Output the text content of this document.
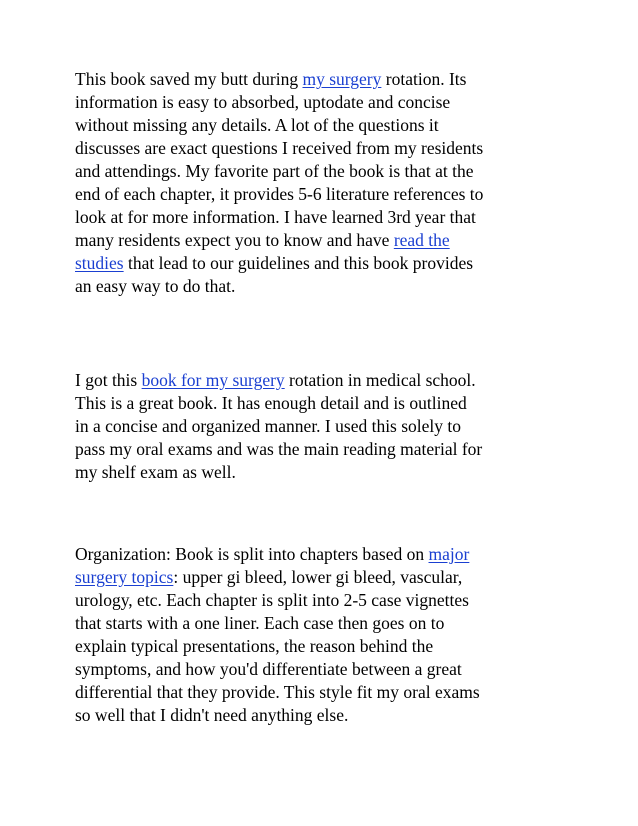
This book saved my butt during my surgery rotation. Its
information is easy to absorbed, uptodate and concise
without missing any details. A lot of the questions it
discusses are exact questions I received from my residents
and attendings. My favorite part of the book is that at the
end of each chapter, it provides 5-6 literature references to
look at for more information. I have learned 3rd year that
many residents expect you to know and have read the
studies that lead to our guidelines and this book provides
an easy way to do that.

I got this book for my surgery rotation in medical school.
This is a great book. It has enough detail and is outlined
in a concise and organized manner. I used this solely to
pass my oral exams and was the main reading material for
my shelf exam as well.

Organization: Book is split into chapters based on major
surgery topics: upper gi bleed, lower gi bleed, vascular,
urology, etc. Each chapter is split into 2-5 case vignettes
that starts with a one liner. Each case then goes on to
explain typical presentations, the reason behind the
symptoms, and how you'd differentiate between a great
differential that they provide. This style fit my oral exams
so well that I didn't need anything else.
